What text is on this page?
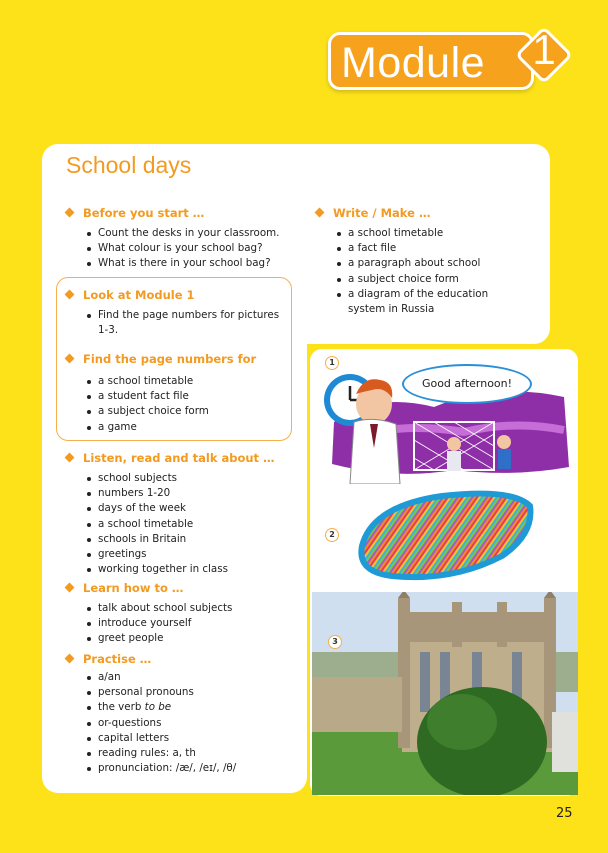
Module	1
School days
Before you start …
Count the desks in your classroom.
What colour is your school bag?
What is there in your school bag?
Look at Module 1
Find the page numbers for pictures 1-3.
Find the page numbers for
a school timetable
a student fact file
a subject choice form
a game
Listen, read and talk about …
school subjects
numbers 1-20
days of the week
a school timetable
schools in Britain
greetings
working together in class
Learn how to …
talk about school subjects
introduce yourself
greet people
Practise …
a/an
personal pronouns
the verb to be
or-questions
capital letters
reading rules: a, th
pronunciation: /æ/, /eɪ/, /θ/
Write / Make …
a school timetable
a fact file
a paragraph about school
a subject choice form
a diagram of the education system in Russia
Good afternoon!
1
2
3
25
